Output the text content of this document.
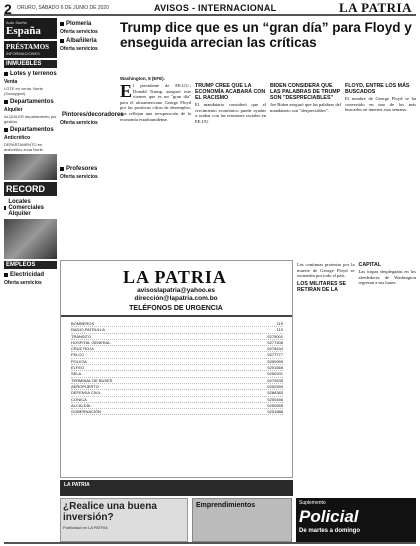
2 ORURO, SÁBADO 6 DE JUNIO DE 2020	AVISOS - INTERNACIONAL	LA PATRIA
Auto Sueño
España
PRÉSTAMOS
INFORMACIONES
INMUEBLES
Lotes y terrenos
Venta
LOTE en venta. Norte (Socaygoni).
Departamentos
Alquiler
ALQUILER departamento por gestión.
Departamentos
Anticrético
DEPARTAMENTO en anticrético zona Norte.
RECORD
Locales Comerciales Alquiler
EMPLEOS
Electricidad
Oferta servicios
Plomería
Oferta servicios
Albañilería
Oferta servicios
Pintores/decoradores
Oferta servicios
Profesores
Oferta servicios
Trump dice que es un “gran día” para Floyd y enseguida arrecian las críticas
Washington, 5 (EFE).

El presidente de EE.UU., Donald Trump, aseguró este viernes que es un "gran día" para el afroamericano George Floyd por las positivas cifras de desempleo, que reflejan una recuperación de la economía estadounidense.

TRUMP CREE QUE LA ECONOMÍA ACABARÁ CON EL RACISMO

El mandatario consideró que el crecimiento económico puede ayudar a acabar con las tensiones raciales en EE.UU.

BIDEN CONSIDERA QUE LAS PALABRAS DE TRUMP SON "DESPRECIABLES"

Joe Biden aseguró que las palabras del mandatario son "despreciables".

FLOYD, ENTRE LOS MÁS BUSCADOS

El nombre de George Floyd se ha convertido en uno de los más buscados en internet esta semana.

Las continuas protestas por la muerte de George Floyd se extienden por todo el país.

LOS MILITARES SE RETIRAN DE LA CAPITAL

Las tropas desplegadas en los alrededores de Washington regresan a sus bases.

LA PATRIA
avisoslapatria@yahoo.es
dirección@lapatria.com.bo
TELÉFONOS DE URGENCIA
BOMBEROS	119
RADIO PATRULLA	110
TRÁNSITO	5275001
HOSPITAL GENERAL	5277408
CRUZ ROJA	5276434
FELCC	5277777
POLICÍA	5250999
ELFEO	5251565
SELA	5250201
TERMINAL DE BUSES	5279535
AEROPUERTO	5252599
DEFENSA CIVIL	5288383
CLÍNICA	5250456
ALCALDÍA	5250555
GOBERNACIÓN	5251888
LA PATRIA
¿Realice una buena inversión?
Publicidad en LA PATRIA
Emprendimientos	Suplemento
Policial
De martes a domingo
